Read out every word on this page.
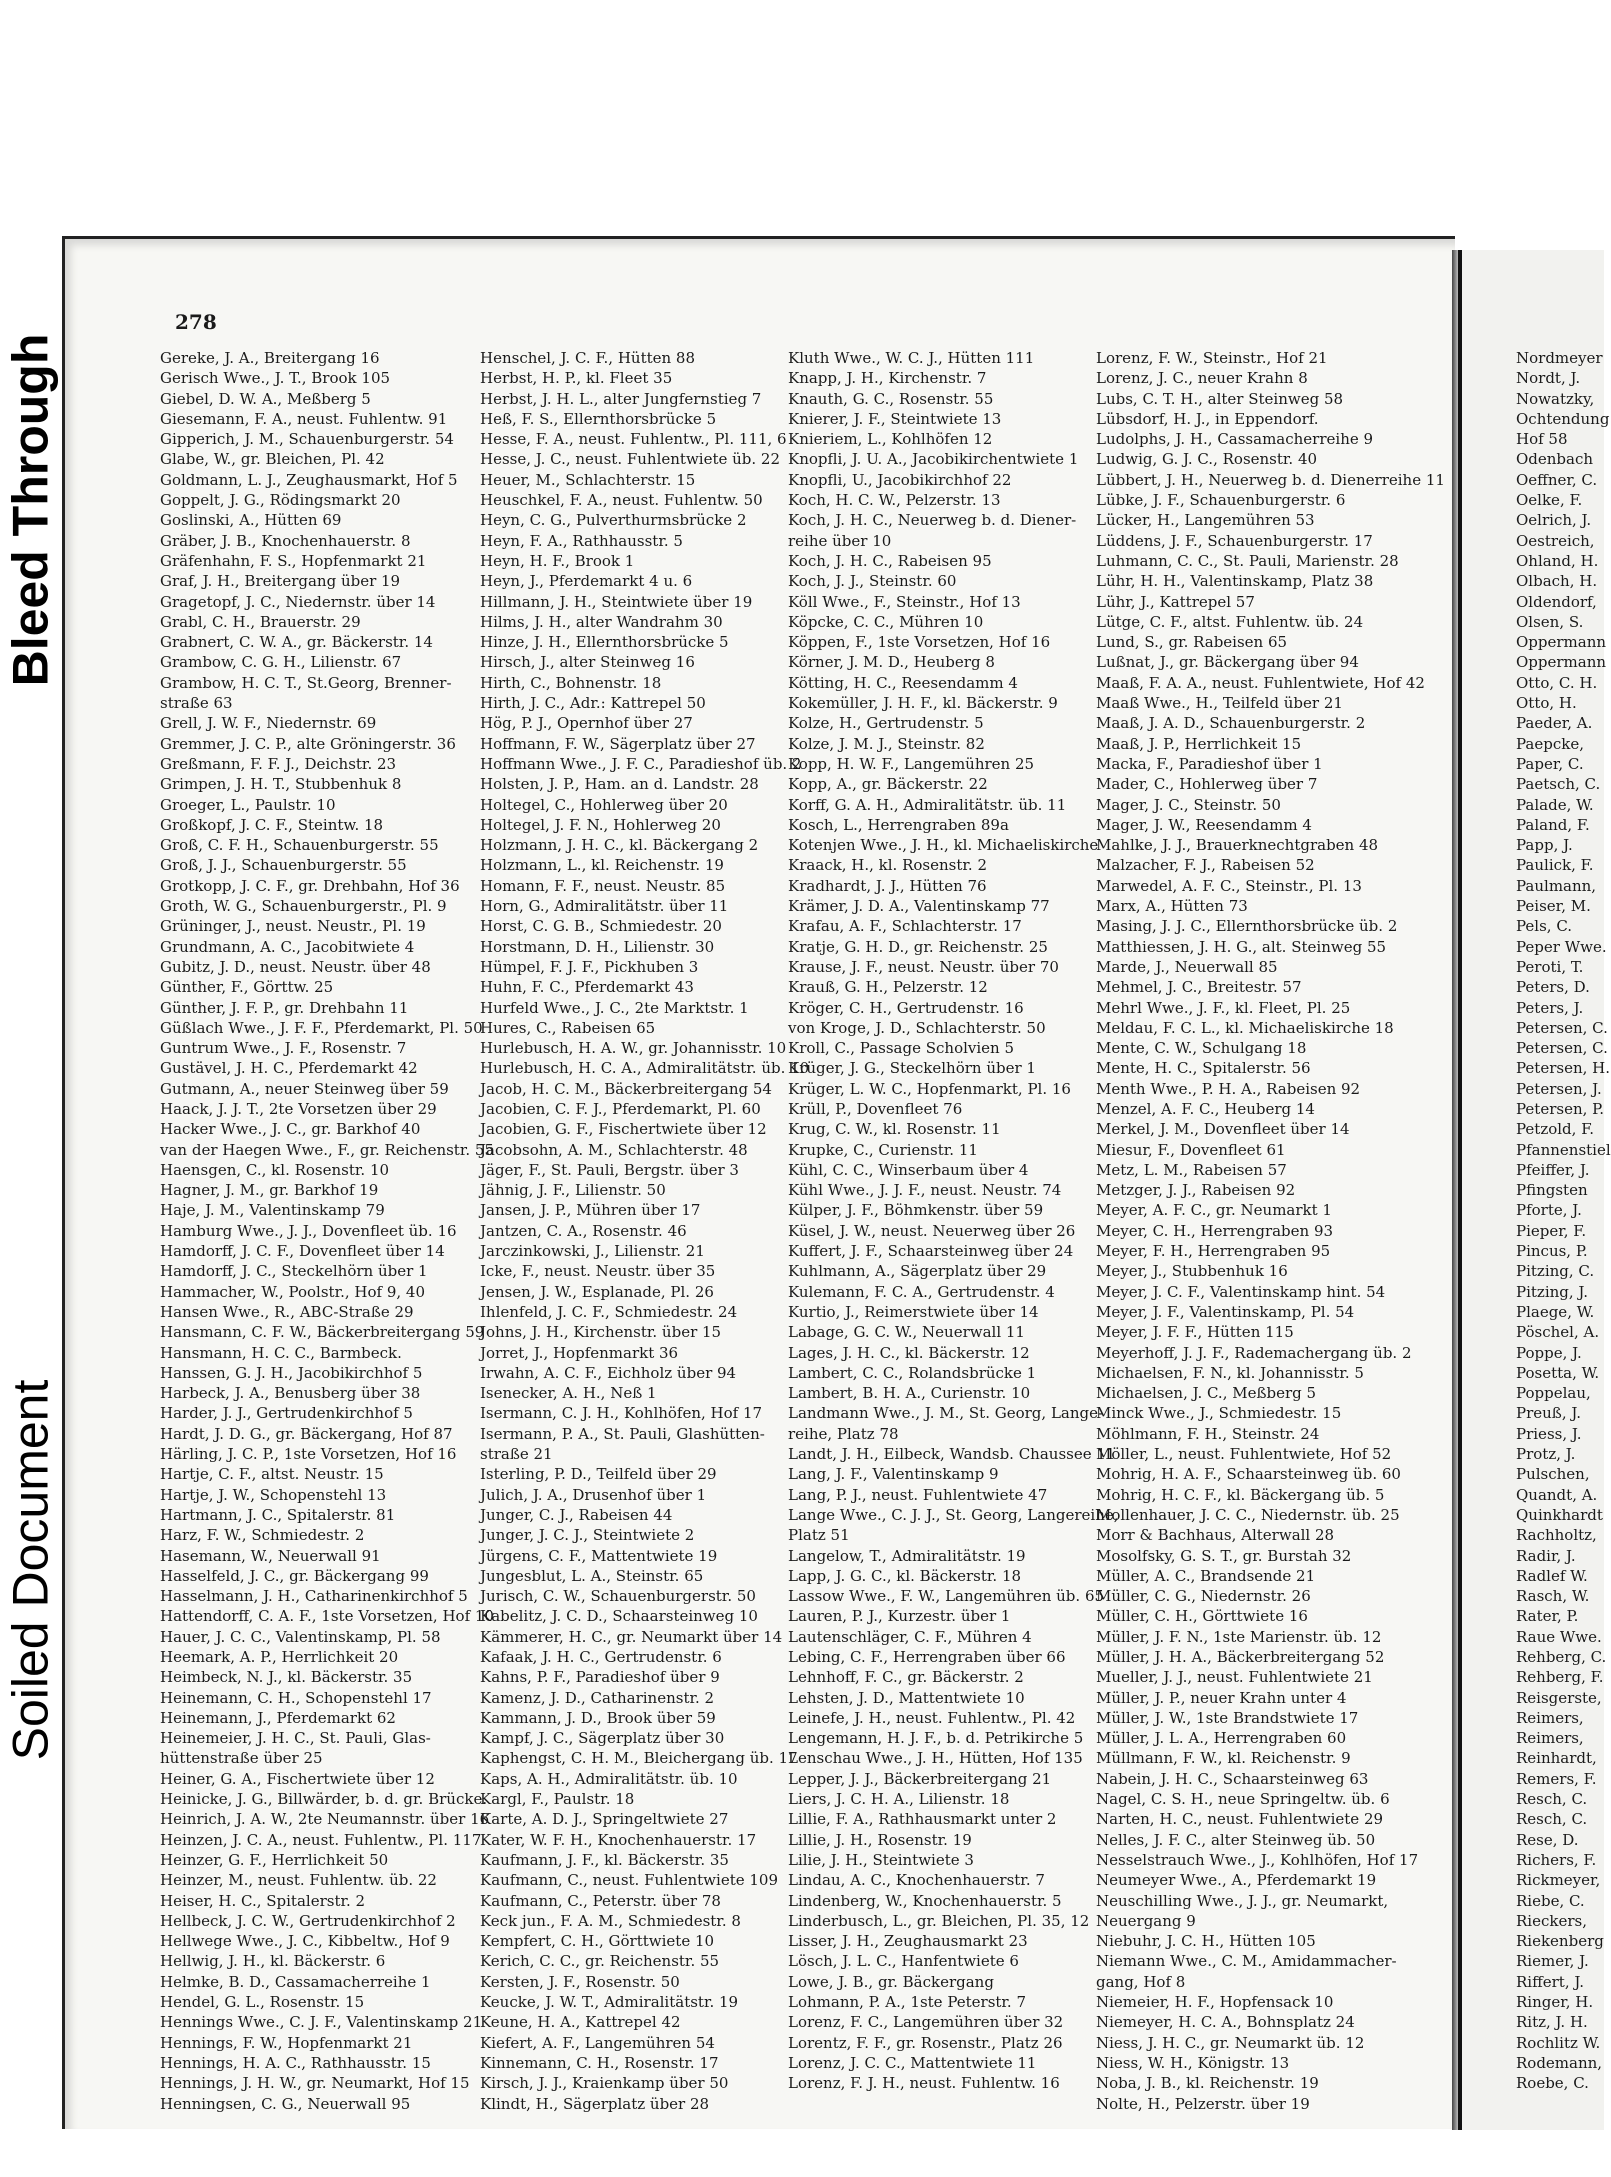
Bleed Through
Soiled Document
278
Gereke, J. A., Breitergang 16
Gerisch Wwe., J. T., Brook 105
Giebel, D. W. A., Meßberg 5
Giesemann, F. A., neust. Fuhlentw. 91
Gipperich, J. M., Schauenburgerstr. 54
Glabe, W., gr. Bleichen, Pl. 42
Goldmann, L. J., Zeughausmarkt, Hof 5
Goppelt, J. G., Rödingsmarkt 20
Goslinski, A., Hütten 69
Gräber, J. B., Knochenhauerstr. 8
Gräfenhahn, F. S., Hopfenmarkt 21
Graf, J. H., Breitergang über 19
Gragetopf, J. C., Niedernstr. über 14
Grabl, C. H., Brauerstr. 29
Grabnert, C. W. A., gr. Bäckerstr. 14
Grambow, C. G. H., Lilienstr. 67
Grambow, H. C. T., St.Georg, Brenner-
straße 63
Grell, J. W. F., Niedernstr. 69
Gremmer, J. C. P., alte Gröningerstr. 36
Greßmann, F. F. J., Deichstr. 23
Grimpen, J. H. T., Stubbenhuk 8
Groeger, L., Paulstr. 10
Großkopf, J. C. F., Steintw. 18
Groß, C. F. H., Schauenburgerstr. 55
Groß, J. J., Schauenburgerstr. 55
Grotkopp, J. C. F., gr. Drehbahn, Hof 36
Groth, W. G., Schauenburgerstr., Pl. 9
Grüninger, J., neust. Neustr., Pl. 19
Grundmann, A. C., Jacobitwiete 4
Gubitz, J. D., neust. Neustr. über 48
Günther, F., Görttw. 25
Günther, J. F. P., gr. Drehbahn 11
Güßlach Wwe., J. F. F., Pferdemarkt, Pl. 50
Guntrum Wwe., J. F., Rosenstr. 7
Gustävel, J. H. C., Pferdemarkt 42
Gutmann, A., neuer Steinweg über 59
Haack, J. J. T., 2te Vorsetzen über 29
Hacker Wwe., J. C., gr. Barkhof 40
van der Haegen Wwe., F., gr. Reichenstr. 55
Haensgen, C., kl. Rosenstr. 10
Hagner, J. M., gr. Barkhof 19
Haje, J. M., Valentinskamp 79
Hamburg Wwe., J. J., Dovenfleet üb. 16
Hamdorff, J. C. F., Dovenfleet über 14
Hamdorff, J. C., Steckelhörn über 1
Hammacher, W., Poolstr., Hof 9, 40
Hansen Wwe., R., ABC-Straße 29
Hansmann, C. F. W., Bäckerbreitergang 59
Hansmann, H. C. C., Barmbeck.
Hanssen, G. J. H., Jacobikirchhof 5
Harbeck, J. A., Benusberg über 38
Harder, J. J., Gertrudenkirchhof 5
Hardt, J. D. G., gr. Bäckergang, Hof 87
Härling, J. C. P., 1ste Vorsetzen, Hof 16
Hartje, C. F., altst. Neustr. 15
Hartje, J. W., Schopenstehl 13
Hartmann, J. C., Spitalerstr. 81
Harz, F. W., Schmiedestr. 2
Hasemann, W., Neuerwall 91
Hasselfeld, J. C., gr. Bäckergang 99
Hasselmann, J. H., Catharinenkirchhof 5
Hattendorff, C. A. F., 1ste Vorsetzen, Hof 10
Hauer, J. C. C., Valentinskamp, Pl. 58
Heemark, A. P., Herrlichkeit 20
Heimbeck, N. J., kl. Bäckerstr. 35
Heinemann, C. H., Schopenstehl 17
Heinemann, J., Pferdemarkt 62
Heinemeier, J. H. C., St. Pauli, Glas-
hüttenstraße über 25
Heiner, G. A., Fischertwiete über 12
Heinicke, J. G., Billwärder, b. d. gr. Brücke.
Heinrich, J. A. W., 2te Neumannstr. über 16
Heinzen, J. C. A., neust. Fuhlentw., Pl. 117
Heinzer, G. F., Herrlichkeit 50
Heinzer, M., neust. Fuhlentw. üb. 22
Heiser, H. C., Spitalerstr. 2
Hellbeck, J. C. W., Gertrudenkirchhof 2
Hellwege Wwe., J. C., Kibbeltw., Hof 9
Hellwig, J. H., kl. Bäckerstr. 6
Helmke, B. D., Cassamacherreihe 1
Hendel, G. L., Rosenstr. 15
Hennings Wwe., C. J. F., Valentinskamp 21
Hennings, F. W., Hopfenmarkt 21
Hennings, H. A. C., Rathhausstr. 15
Hennings, J. H. W., gr. Neumarkt, Hof 15
Henningsen, C. G., Neuerwall 95
Henschel, J. C. F., Hütten 88
Herbst, H. P., kl. Fleet 35
Herbst, J. H. L., alter Jungfernstieg 7
Heß, F. S., Ellernthorsbrücke 5
Hesse, F. A., neust. Fuhlentw., Pl. 111, 6
Hesse, J. C., neust. Fuhlentwiete üb. 22
Heuer, M., Schlachterstr. 15
Heuschkel, F. A., neust. Fuhlentw. 50
Heyn, C. G., Pulverthurmsbrücke 2
Heyn, F. A., Rathhausstr. 5
Heyn, H. F., Brook 1
Heyn, J., Pferdemarkt 4 u. 6
Hillmann, J. H., Steintwiete über 19
Hilms, J. H., alter Wandrahm 30
Hinze, J. H., Ellernthorsbrücke 5
Hirsch, J., alter Steinweg 16
Hirth, C., Bohnenstr. 18
Hirth, J. C., Adr.: Kattrepel 50
Hög, P. J., Opernhof über 27
Hoffmann, F. W., Sägerplatz über 27
Hoffmann Wwe., J. F. C., Paradieshof üb. 2
Holsten, J. P., Ham. an d. Landstr. 28
Holtegel, C., Hohlerweg über 20
Holtegel, J. F. N., Hohlerweg 20
Holzmann, J. H. C., kl. Bäckergang 2
Holzmann, L., kl. Reichenstr. 19
Homann, F. F., neust. Neustr. 85
Horn, G., Admiralitätstr. über 11
Horst, C. G. B., Schmiedestr. 20
Horstmann, D. H., Lilienstr. 30
Hümpel, F. J. F., Pickhuben 3
Huhn, F. C., Pferdemarkt 43
Hurfeld Wwe., J. C., 2te Marktstr. 1
Hures, C., Rabeisen 65
Hurlebusch, H. A. W., gr. Johannisstr. 10
Hurlebusch, H. C. A., Admiralitätstr. üb. 10
Jacob, H. C. M., Bäckerbreitergang 54
Jacobien, C. F. J., Pferdemarkt, Pl. 60
Jacobien, G. F., Fischertwiete über 12
Jacobsohn, A. M., Schlachterstr. 48
Jäger, F., St. Pauli, Bergstr. über 3
Jähnig, J. F., Lilienstr. 50
Jansen, J. P., Mühren über 17
Jantzen, C. A., Rosenstr. 46
Jarczinkowski, J., Lilienstr. 21
Icke, F., neust. Neustr. über 35
Jensen, J. W., Esplanade, Pl. 26
Ihlenfeld, J. C. F., Schmiedestr. 24
Johns, J. H., Kirchenstr. über 15
Jorret, J., Hopfenmarkt 36
Irwahn, A. C. F., Eichholz über 94
Isenecker, A. H., Neß 1
Isermann, C. J. H., Kohlhöfen, Hof 17
Isermann, P. A., St. Pauli, Glashütten-
straße 21
Isterling, P. D., Teilfeld über 29
Julich, J. A., Drusenhof über 1
Junger, C. J., Rabeisen 44
Junger, J. C. J., Steintwiete 2
Jürgens, C. F., Mattentwiete 19
Jungesblut, L. A., Steinstr. 65
Jurisch, C. W., Schauenburgerstr. 50
Kabelitz, J. C. D., Schaarsteinweg 10
Kämmerer, H. C., gr. Neumarkt über 14
Kafaak, J. H. C., Gertrudenstr. 6
Kahns, P. F., Paradieshof über 9
Kamenz, J. D., Catharinenstr. 2
Kammann, J. D., Brook über 59
Kampf, J. C., Sägerplatz über 30
Kaphengst, C. H. M., Bleichergang üb. 17
Kaps, A. H., Admiralitätstr. üb. 10
Kargl, F., Paulstr. 18
Karte, A. D. J., Springeltwiete 27
Kater, W. F. H., Knochenhauerstr. 17
Kaufmann, J. F., kl. Bäckerstr. 35
Kaufmann, C., neust. Fuhlentwiete 109
Kaufmann, C., Peterstr. über 78
Keck jun., F. A. M., Schmiedestr. 8
Kempfert, C. H., Görttwiete 10
Kerich, C. C., gr. Reichenstr. 55
Kersten, J. F., Rosenstr. 50
Keucke, J. W. T., Admiralitätstr. 19
Keune, H. A., Kattrepel 42
Kiefert, A. F., Langemühren 54
Kinnemann, C. H., Rosenstr. 17
Kirsch, J. J., Kraienkamp über 50
Klindt, H., Sägerplatz über 28
Kluth Wwe., W. C. J., Hütten 111
Knapp, J. H., Kirchenstr. 7
Knauth, G. C., Rosenstr. 55
Knierer, J. F., Steintwiete 13
Knieriem, L., Kohlhöfen 12
Knopfli, J. U. A., Jacobikirchentwiete 1
Knopfli, U., Jacobikirchhof 22
Koch, H. C. W., Pelzerstr. 13
Koch, J. H. C., Neuerweg b. d. Diener-
reihe über 10
Koch, J. H. C., Rabeisen 95
Koch, J. J., Steinstr. 60
Köll Wwe., F., Steinstr., Hof 13
Köpcke, C. C., Mühren 10
Köppen, F., 1ste Vorsetzen, Hof 16
Körner, J. M. D., Heuberg 8
Kötting, H. C., Reesendamm 4
Kokemüller, J. H. F., kl. Bäckerstr. 9
Kolze, H., Gertrudenstr. 5
Kolze, J. M. J., Steinstr. 82
Kopp, H. W. F., Langemühren 25
Kopp, A., gr. Bäckerstr. 22
Korff, G. A. H., Admiralitätstr. üb. 11
Kosch, L., Herrengraben 89a
Kotenjen Wwe., J. H., kl. Michaeliskirche
Kraack, H., kl. Rosenstr. 2
Kradhardt, J. J., Hütten 76
Krämer, J. D. A., Valentinskamp 77
Krafau, A. F., Schlachterstr. 17
Kratje, G. H. D., gr. Reichenstr. 25
Krause, J. F., neust. Neustr. über 70
Krauß, G. H., Pelzerstr. 12
Kröger, C. H., Gertrudenstr. 16
von Kroge, J. D., Schlachterstr. 50
Kroll, C., Passage Scholvien 5
Krüger, J. G., Steckelhörn über 1
Krüger, L. W. C., Hopfenmarkt, Pl. 16
Krüll, P., Dovenfleet 76
Krug, C. W., kl. Rosenstr. 11
Krupke, C., Curienstr. 11
Kühl, C. C., Winserbaum über 4
Kühl Wwe., J. J. F., neust. Neustr. 74
Külper, J. F., Böhmkenstr. über 59
Küsel, J. W., neust. Neuerweg über 26
Kuffert, J. F., Schaarsteinweg über 24
Kuhlmann, A., Sägerplatz über 29
Kulemann, F. C. A., Gertrudenstr. 4
Kurtio, J., Reimerstwiete über 14
Labage, G. C. W., Neuerwall 11
Lages, J. H. C., kl. Bäckerstr. 12
Lambert, C. C., Rolandsbrücke 1
Lambert, B. H. A., Curienstr. 10
Landmann Wwe., J. M., St. Georg, Lange-
reihe, Platz 78
Landt, J. H., Eilbeck, Wandsb. Chaussee 11
Lang, J. F., Valentinskamp 9
Lang, P. J., neust. Fuhlentwiete 47
Lange Wwe., C. J. J., St. Georg, Langereihe,
Platz 51
Langelow, T., Admiralitätstr. 19
Lapp, J. G. C., kl. Bäckerstr. 18
Lassow Wwe., F. W., Langemühren üb. 65
Lauren, P. J., Kurzestr. über 1
Lautenschläger, C. F., Mühren 4
Lebing, C. F., Herrengraben über 66
Lehnhoff, F. C., gr. Bäckerstr. 2
Lehsten, J. D., Mattentwiete 10
Leinefe, J. H., neust. Fuhlentw., Pl. 42
Lengemann, H. J. F., b. d. Petrikirche 5
Lenschau Wwe., J. H., Hütten, Hof 135
Lepper, J. J., Bäckerbreitergang 21
Liers, J. C. H. A., Lilienstr. 18
Lillie, F. A., Rathhausmarkt unter 2
Lillie, J. H., Rosenstr. 19
Lilie, J. H., Steintwiete 3
Lindau, A. C., Knochenhauerstr. 7
Lindenberg, W., Knochenhauerstr. 5
Linderbusch, L., gr. Bleichen, Pl. 35, 12
Lisser, J. H., Zeughausmarkt 23
Lösch, J. L. C., Hanfentwiete 6
Lowe, J. B., gr. Bäckergang
Lohmann, P. A., 1ste Peterstr. 7
Lorenz, F. C., Langemühren über 32
Lorentz, F. F., gr. Rosenstr., Platz 26
Lorenz, J. C. C., Mattentwiete 11
Lorenz, F. J. H., neust. Fuhlentw. 16
Lorenz, F. W., Steinstr., Hof 21
Lorenz, J. C., neuer Krahn 8
Lubs, C. T. H., alter Steinweg 58
Lübsdorf, H. J., in Eppendorf.
Ludolphs, J. H., Cassamacherreihe 9
Ludwig, G. J. C., Rosenstr. 40
Lübbert, J. H., Neuerweg b. d. Dienerreihe 11
Lübke, J. F., Schauenburgerstr. 6
Lücker, H., Langemühren 53
Lüddens, J. F., Schauenburgerstr. 17
Luhmann, C. C., St. Pauli, Marienstr. 28
Lühr, H. H., Valentinskamp, Platz 38
Lühr, J., Kattrepel 57
Lütge, C. F., altst. Fuhlentw. üb. 24
Lund, S., gr. Rabeisen 65
Lußnat, J., gr. Bäckergang über 94
Maaß, F. A. A., neust. Fuhlentwiete, Hof 42
Maaß Wwe., H., Teilfeld über 21
Maaß, J. A. D., Schauenburgerstr. 2
Maaß, J. P., Herrlichkeit 15
Macka, F., Paradieshof über 1
Mader, C., Hohlerweg über 7
Mager, J. C., Steinstr. 50
Mager, J. W., Reesendamm 4
Mahlke, J. J., Brauerknechtgraben 48
Malzacher, F. J., Rabeisen 52
Marwedel, A. F. C., Steinstr., Pl. 13
Marx, A., Hütten 73
Masing, J. J. C., Ellernthorsbrücke üb. 2
Matthiessen, J. H. G., alt. Steinweg 55
Marde, J., Neuerwall 85
Mehmel, J. C., Breitestr. 57
Mehrl Wwe., J. F., kl. Fleet, Pl. 25
Meldau, F. C. L., kl. Michaeliskirche 18
Mente, C. W., Schulgang 18
Mente, H. C., Spitalerstr. 56
Menth Wwe., P. H. A., Rabeisen 92
Menzel, A. F. C., Heuberg 14
Merkel, J. M., Dovenfleet über 14
Miesur, F., Dovenfleet 61
Metz, L. M., Rabeisen 57
Metzger, J. J., Rabeisen 92
Meyer, A. F. C., gr. Neumarkt 1
Meyer, C. H., Herrengraben 93
Meyer, F. H., Herrengraben 95
Meyer, J., Stubbenhuk 16
Meyer, J. C. F., Valentinskamp hint. 54
Meyer, J. F., Valentinskamp, Pl. 54
Meyer, J. F. F., Hütten 115
Meyerhoff, J. J. F., Rademachergang üb. 2
Michaelsen, F. N., kl. Johannisstr. 5
Michaelsen, J. C., Meßberg 5
Minck Wwe., J., Schmiedestr. 15
Möhlmann, F. H., Steinstr. 24
Möller, L., neust. Fuhlentwiete, Hof 52
Mohrig, H. A. F., Schaarsteinweg üb. 60
Mohrig, H. C. F., kl. Bäckergang üb. 5
Mollenhauer, J. C. C., Niedernstr. üb. 25
Morr & Bachhaus, Alterwall 28
Mosolfsky, G. S. T., gr. Burstah 32
Müller, A. C., Brandsende 21
Müller, C. G., Niedernstr. 26
Müller, C. H., Görttwiete 16
Müller, J. F. N., 1ste Marienstr. üb. 12
Müller, J. H. A., Bäckerbreitergang 52
Mueller, J. J., neust. Fuhlentwiete 21
Müller, J. P., neuer Krahn unter 4
Müller, J. W., 1ste Brandstwiete 17
Müller, J. L. A., Herrengraben 60
Müllmann, F. W., kl. Reichenstr. 9
Nabein, J. H. C., Schaarsteinweg 63
Nagel, C. S. H., neue Springeltw. üb. 6
Narten, H. C., neust. Fuhlentwiete 29
Nelles, J. F. C., alter Steinweg üb. 50
Nesselstrauch Wwe., J., Kohlhöfen, Hof 17
Neumeyer Wwe., A., Pferdemarkt 19
Neuschilling Wwe., J. J., gr. Neumarkt,
Neuergang 9
Niebuhr, J. C. H., Hütten 105
Niemann Wwe., C. M., Amidammacher-
gang, Hof 8
Niemeier, H. F., Hopfensack 10
Niemeyer, H. C. A., Bohnsplatz 24
Niess, J. H. C., gr. Neumarkt üb. 12
Niess, W. H., Königstr. 13
Noba, J. B., kl. Reichenstr. 19
Nolte, H., Pelzerstr. über 19
Nordmeyer
Nordt, J.
Nowatzky,
Ochtendung
Hof 58
Odenbach
Oeffner, C.
Oelke, F.
Oelrich, J.
Oestreich,
Ohland, H.
Olbach, H.
Oldendorf,
Olsen, S.
Oppermann
Oppermann
Otto, C. H.
Otto, H.
Paeder, A.
Paepcke,
Paper, C.
Paetsch, C.
Palade, W.
Paland, F.
Papp, J.
Paulick, F.
Paulmann,
Peiser, M.
Pels, C.
Peper Wwe.
Peroti, T.
Peters, D.
Peters, J.
Petersen, C.
Petersen, C.
Petersen, H.
Petersen, J.
Petersen, P.
Petzold, F.
Pfannenstiel
Pfeiffer, J.
Pfingsten
Pforte, J.
Pieper, F.
Pincus, P.
Pitzing, C.
Pitzing, J.
Plaege, W.
Pöschel, A.
Poppe, J.
Posetta, W.
Poppelau,
Preuß, J.
Priess, J.
Protz, J.
Pulschen,
Quandt, A.
Quinkhardt
Rachholtz,
Radir, J.
Radlef W.
Rasch, W.
Rater, P.
Raue Wwe.
Rehberg, C.
Rehberg, F.
Reisgerste,
Reimers,
Reimers,
Reinhardt,
Remers, F.
Resch, C.
Resch, C.
Rese, D.
Richers, F.
Rickmeyer,
Riebe, C.
Rieckers,
Riekenberg
Riemer, J.
Riffert, J.
Ringer, H.
Ritz, J. H.
Rochlitz W.
Rodemann,
Roebe, C.
